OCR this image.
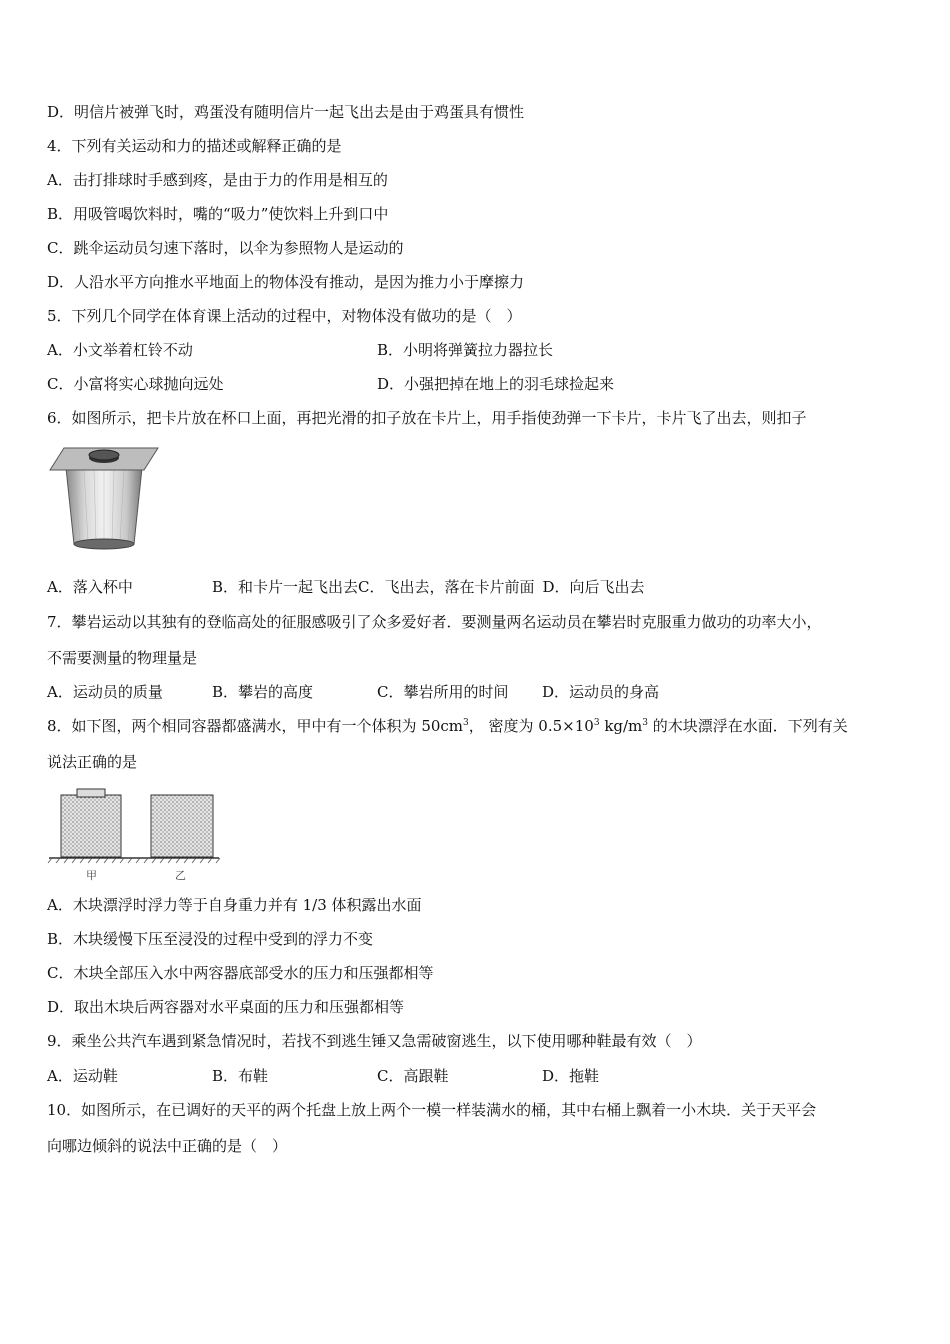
D．明信片被弹飞时，鸡蛋没有随明信片一起飞出去是由于鸡蛋具有惯性
4．下列有关运动和力的描述或解释正确的是
A．击打排球时手感到疼，是由于力的作用是相互的
B．用吸管喝饮料时，嘴的“吸力”使饮料上升到口中
C．跳伞运动员匀速下落时，以伞为参照物人是运动的
D．人沿水平方向推水平地面上的物体没有推动，是因为推力小于摩擦力
5．下列几个同学在体育课上活动的过程中，对物体没有做功的是（　）
A．小文举着杠铃不动	B．小明将弹簧拉力器拉长
C．小富将实心球抛向远处	D．小强把掉在地上的羽毛球捡起来
6．如图所示，把卡片放在杯口上面，再把光滑的扣子放在卡片上，用手指使劲弹一下卡片，卡片飞了出去，则扣子
A．落入杯中	B．和卡片一起飞出去C．飞出去，落在卡片前面 D．向后飞出去
7．攀岩运动以其独有的登临高处的征服感吸引了众多爱好者．要测量两名运动员在攀岩时克服重力做功的功率大小，
不需要测量的物理量是
A．运动员的质量	B．攀岩的高度	C．攀岩所用的时间 D．运动员的身高
8．如下图，两个相同容器都盛满水，甲中有一个体积为 $50cm^3$， 密度为 $0.5\times 10^3$ $kg/m^3$ 的木块漂浮在水面．下列有关
说法正确的是
甲	乙
A．木块漂浮时浮力等于自身重力并有 1/3 体积露出水面
B．木块缓慢下压至浸没的过程中受到的浮力不变
C．木块全部压入水中两容器底部受水的压力和压强都相等
D．取出木块后两容器对水平桌面的压力和压强都相等
9．乘坐公共汽车遇到紧急情况时，若找不到逃生锤又急需破窗逃生，以下使用哪种鞋最有效（　）
A．运动鞋	B．布鞋	C．高跟鞋	D．拖鞋
10．如图所示，在已调好的天平的两个托盘上放上两个一模一样装满水的桶，其中右桶上飘着一小木块．关于天平会
向哪边倾斜的说法中正确的是（　）
